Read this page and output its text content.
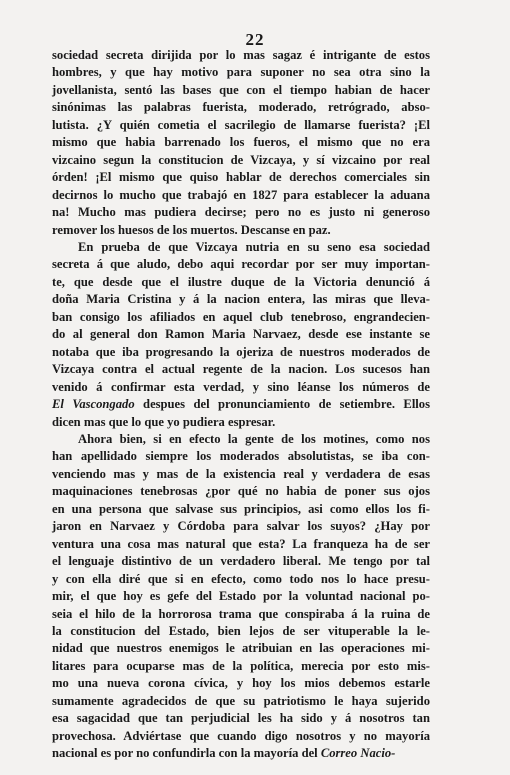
22
sociedad secreta dirijida por lo mas sagaz é intrigante de estos
hombres, y que hay motivo para suponer no sea otra sino la
jovellanista, sentó las bases que con el tiempo habian de hacer
sinónimas las palabras fuerista, moderado, retrógrado, abso-
lutista. ¿Y quién cometia el sacrilegio de llamarse fuerista? ¡El
mismo que habia barrenado los fueros, el mismo que no era
vizcaino segun la constitucion de Vizcaya, y sí vizcaino por real
órden! ¡El mismo que quiso hablar de derechos comerciales sin
decirnos lo mucho que trabajó en 1827 para establecer la aduana
na! Mucho mas pudiera decirse; pero no es justo ni generoso
remover los huesos de los muertos. Descanse en paz.
En prueba de que Vizcaya nutria en su seno esa sociedad
secreta á que aludo, debo aqui recordar por ser muy importan-
te, que desde que el ilustre duque de la Victoria denunció á
doña Maria Cristina y á la nacion entera, las miras que lleva-
ban consigo los afiliados en aquel club tenebroso, engrandecien-
do al general don Ramon Maria Narvaez, desde ese instante se
notaba que iba progresando la ojeriza de nuestros moderados de
Vizcaya contra el actual regente de la nacion. Los sucesos han
venido á confirmar esta verdad, y sino léanse los números de
El Vascongado despues del pronunciamiento de setiembre. Ellos
dicen mas que lo que yo pudiera espresar.
Ahora bien, si en efecto la gente de los motines, como nos
han apellidado siempre los moderados absolutistas, se iba con-
venciendo mas y mas de la existencia real y verdadera de esas
maquinaciones tenebrosas ¿por qué no habia de poner sus ojos
en una persona que salvase sus principios, asi como ellos los fi-
jaron en Narvaez y Córdoba para salvar los suyos? ¿Hay por
ventura una cosa mas natural que esta? La franqueza ha de ser
el lenguaje distintivo de un verdadero liberal. Me tengo por tal
y con ella diré que si en efecto, como todo nos lo hace presu-
mir, el que hoy es gefe del Estado por la voluntad nacional po-
seia el hilo de la horrorosa trama que conspiraba á la ruina de
la constitucion del Estado, bien lejos de ser vituperable la le-
nidad que nuestros enemigos le atribuian en las operaciones mi-
litares para ocuparse mas de la política, merecia por esto mis-
mo una nueva corona cívica, y hoy los mios debemos estarle
sumamente agradecidos de que su patriotismo le haya sujerido
esa sagacidad que tan perjudicial les ha sido y á nosotros tan
provechosa. Adviértase que cuando digo nosotros y no mayoría
nacional es por no confundirla con la mayoría del Correo Nacio-
